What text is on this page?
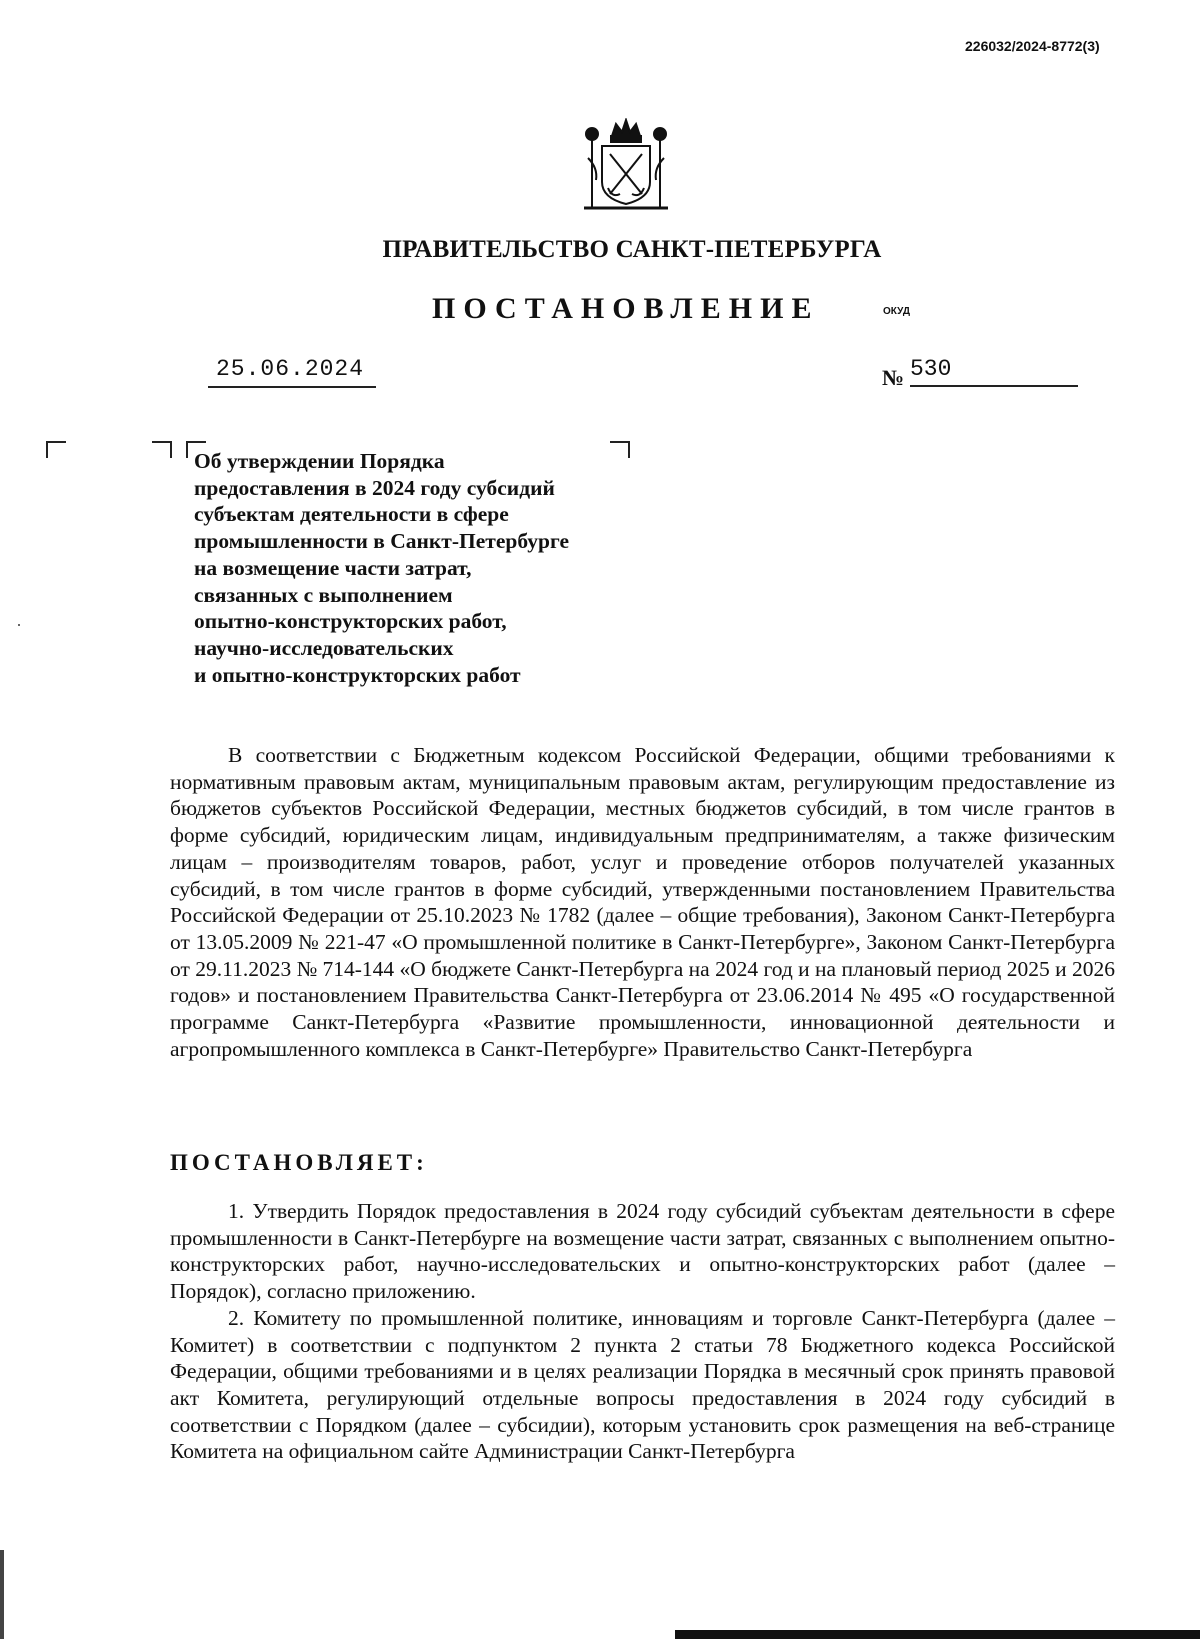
226032/2024-8772(3)
ПРАВИТЕЛЬСТВО САНКТ-ПЕТЕРБУРГА
ПОСТАНОВЛЕНИЕ	ОКУД
25.06.2024	№ 530
Об утверждении Порядка
предоставления в 2024 году субсидий
субъектам деятельности в сфере
промышленности в Санкт-Петербурге
на возмещение части затрат,
связанных с выполнением
опытно-конструкторских работ,
научно-исследовательских
и опытно-конструкторских работ

В соответствии с Бюджетным кодексом Российской Федерации, общими требованиями к нормативным правовым актам, муниципальным правовым актам, регулирующим предоставление из бюджетов субъектов Российской Федерации, местных бюджетов субсидий, в том числе грантов в форме субсидий, юридическим лицам, индивидуальным предпринимателям, а также физическим лицам – производителям товаров, работ, услуг и проведение отборов получателей указанных субсидий, в том числе грантов в форме субсидий, утвержденными постановлением Правительства Российской Федерации от 25.10.2023 № 1782 (далее – общие требования), Законом Санкт-Петербурга от 13.05.2009 № 221-47 «О промышленной политике в Санкт-Петербурге», Законом Санкт-Петербурга от 29.11.2023 № 714-144 «О бюджете Санкт-Петербурга на 2024 год и на плановый период 2025 и 2026 годов» и постановлением Правительства Санкт-Петербурга от 23.06.2014 № 495 «О государственной программе Санкт-Петербурга «Развитие промышленности, инновационной деятельности и агропромышленного комплекса в Санкт-Петербурге» Правительство Санкт-Петербурга

ПОСТАНОВЛЯЕТ:

1. Утвердить Порядок предоставления в 2024 году субсидий субъектам деятельности в сфере промышленности в Санкт-Петербурге на возмещение части затрат, связанных с выполнением опытно-конструкторских работ, научно-исследовательских и опытно-конструкторских работ (далее – Порядок), согласно приложению.

2. Комитету по промышленной политике, инновациям и торговле Санкт-Петербурга (далее – Комитет) в соответствии с подпунктом 2 пункта 2 статьи 78 Бюджетного кодекса Российской Федерации, общими требованиями и в целях реализации Порядка в месячный срок принять правовой акт Комитета, регулирующий отдельные вопросы предоставления в 2024 году субсидий в соответствии с Порядком (далее – субсидии), которым установить срок размещения на веб-странице Комитета на официальном сайте Администрации Санкт-Петербурга
